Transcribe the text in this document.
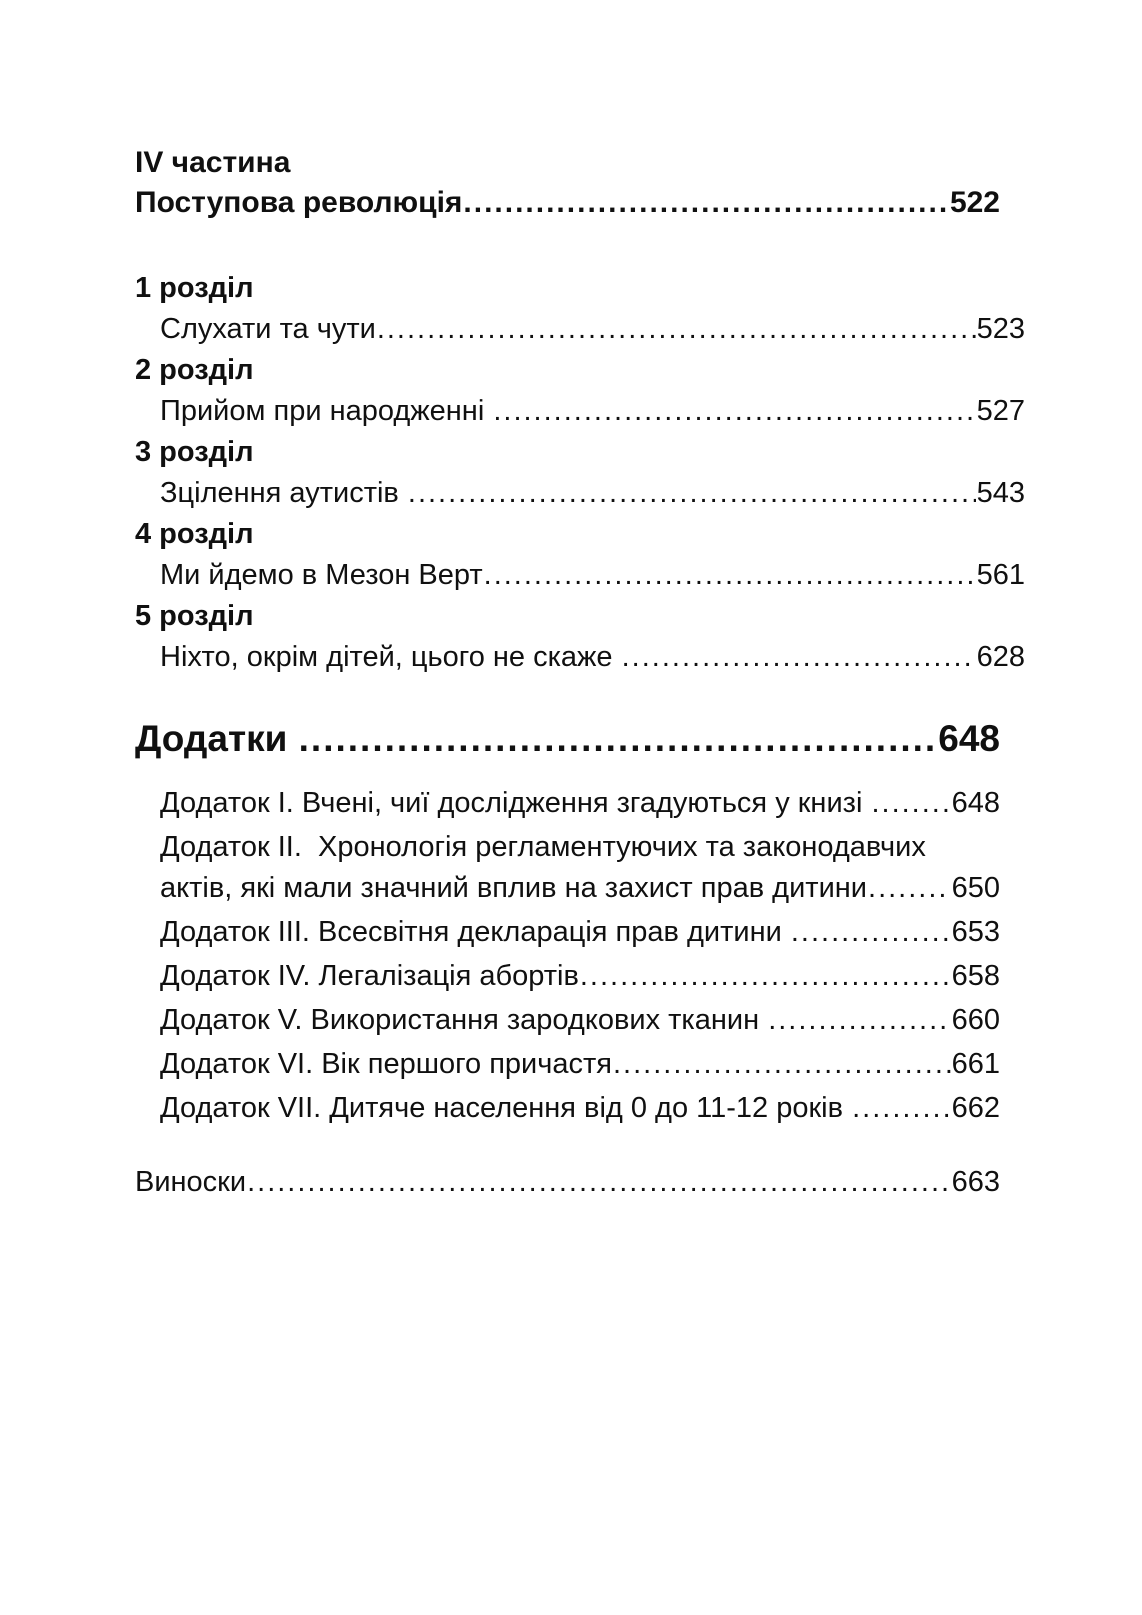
IV частина
Поступова революція .....	522
1 розділ
Слухати та чути .....	523
2 розділ
Прийом при народженні .....	527
3 розділ
Зцілення аутистів .....	543
4 розділ
Ми йдемо в Мезон Верт .....	561
5 розділ
Ніхто, окрім дітей, цього не скаже .....	628
Додатки .....	648
Додаток I. Вчені, чиї дослідження згадуються у книзі .....	648
Додаток II.  Хронологія регламентуючих та законодавчих
актів, які мали значний вплив на захист прав дитини .....	650
Додаток III. Всесвітня декларація прав дитини .....	653
Додаток IV. Легалізація абортів .....	658
Додаток V. Використання зародкових тканин .....	660
Додаток VI. Вік першого причастя .....	661
Додаток VII. Дитяче населення від 0 до 11-12 років .....	662
Виноски .....	663
